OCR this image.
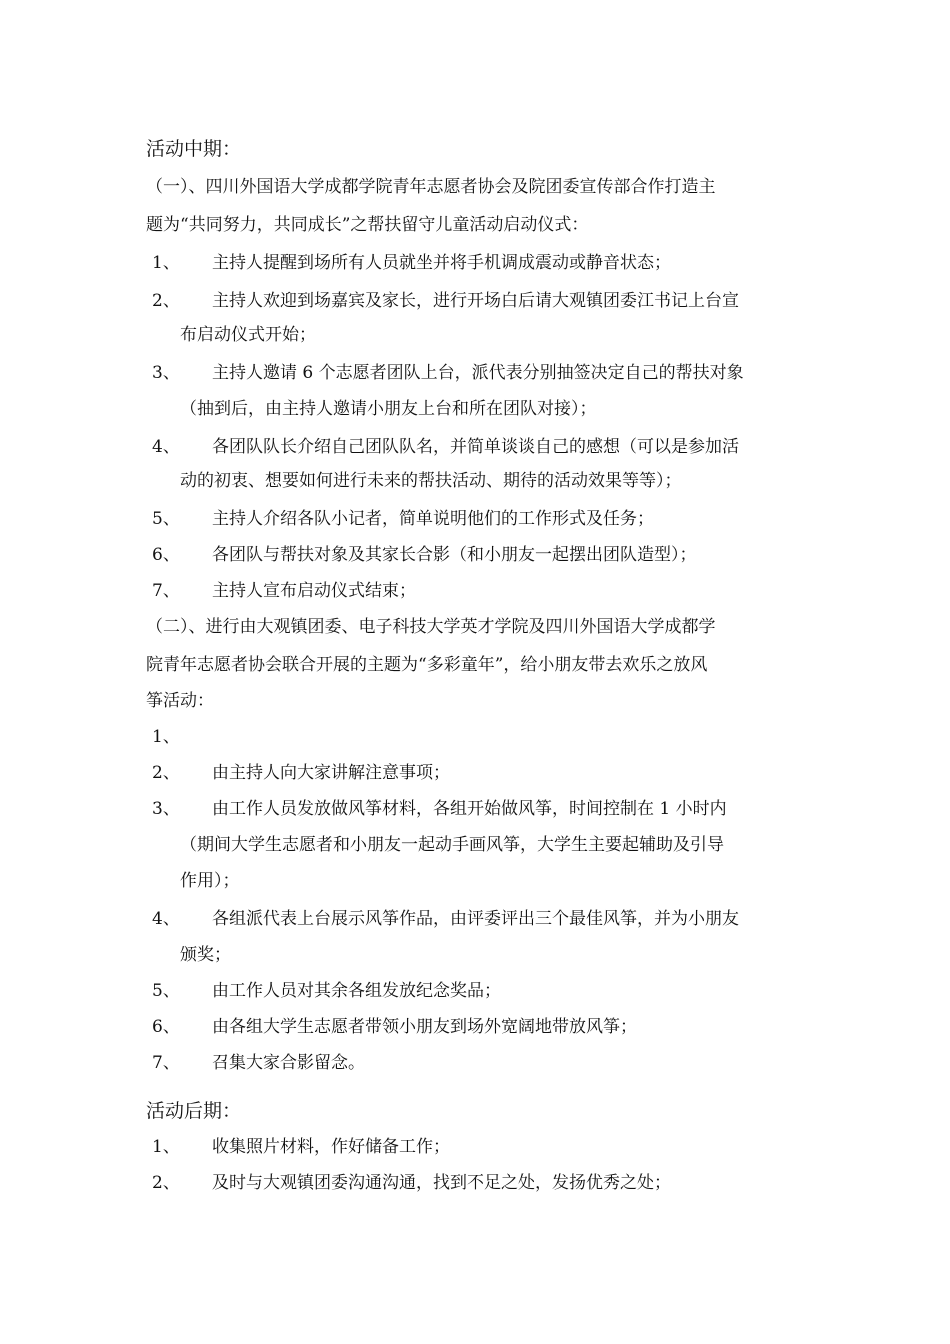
活动中期：
（一）、四川外国语大学成都学院青年志愿者协会及院团委宣传部合作打造主
题为“共同努力，共同成长”之帮扶留守儿童活动启动仪式：
1、 主持人提醒到场所有人员就坐并将手机调成震动或静音状态；
2、 主持人欢迎到场嘉宾及家长，进行开场白后请大观镇团委江书记上台宣
布启动仪式开始；
3、 主持人邀请 6 个志愿者团队上台，派代表分别抽签决定自己的帮扶对象
（抽到后，由主持人邀请小朋友上台和所在团队对接）；
4、 各团队队长介绍自己团队队名，并简单谈谈自己的感想（可以是参加活
动的初衷、想要如何进行未来的帮扶活动、期待的活动效果等等）；
5、 主持人介绍各队小记者，简单说明他们的工作形式及任务；
6、 各团队与帮扶对象及其家长合影（和小朋友一起摆出团队造型）；
7、 主持人宣布启动仪式结束；
（二）、进行由大观镇团委、电子科技大学英才学院及四川外国语大学成都学
院青年志愿者协会联合开展的主题为“多彩童年”，给小朋友带去欢乐之放风
筝活动：
1、
2、 由主持人向大家讲解注意事项；
3、 由工作人员发放做风筝材料，各组开始做风筝，时间控制在 1 小时内
（期间大学生志愿者和小朋友一起动手画风筝，大学生主要起辅助及引导
作用）；
4、 各组派代表上台展示风筝作品，由评委评出三个最佳风筝，并为小朋友
颁奖；
5、 由工作人员对其余各组发放纪念奖品；
6、 由各组大学生志愿者带领小朋友到场外宽阔地带放风筝；
7、 召集大家合影留念。
活动后期：
1、 收集照片材料，作好储备工作；
2、 及时与大观镇团委沟通沟通，找到不足之处，发扬优秀之处；
